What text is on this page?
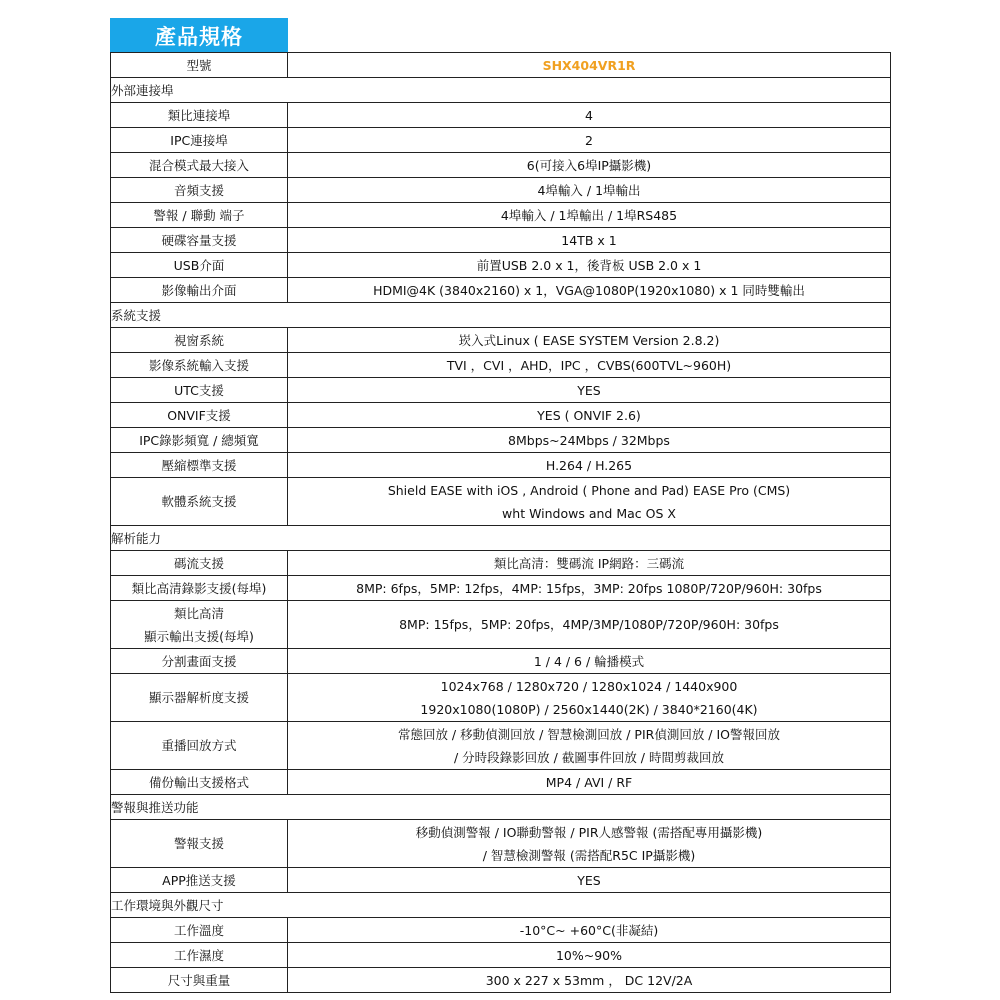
產品規格
型號	SHX404VR1R
外部連接埠	

類比連接埠	4

IPC連接埠	2

混合模式最大接入	6(可接入6埠IP攝影機)

音頻支援	4埠輸入 / 1埠輸出

警報 / 聯動 端子	4埠輸入 / 1埠輸出 / 1埠RS485

硬碟容量支援	14TB x 1

USB介面	前置USB 2.0 x 1，後背板 USB 2.0 x 1

影像輸出介面	HDMI@4K (3840x2160) x 1，VGA@1080P(1920x1080) x 1 同時雙輸出

系統支援	

視窗系統	崁入式Linux ( EASE SYSTEM Version 2.8.2)

影像系統輸入支援	TVI ，CVI ，AHD，IPC ，CVBS(600TVL~960H)

UTC支援	YES

ONVIF支援	YES ( ONVIF 2.6)

IPC錄影頻寬 / 總頻寬	8Mbps~24Mbps / 32Mbps

壓縮標準支援	H.264 / H.265

軟體系統支援	Shield EASE with iOS , Android ( Phone and Pad) EASE Pro (CMS)
wht Windows and Mac OS X

解析能力	

碼流支援	類比高清：雙碼流 IP網路：三碼流

類比高清錄影支援(每埠)	8MP: 6fps，5MP: 12fps，4MP: 15fps，3MP: 20fps 1080P/720P/960H: 30fps

類比高清
顯示輸出支援(每埠)	8MP: 15fps，5MP: 20fps，4MP/3MP/1080P/720P/960H: 30fps

分割畫面支援	1 / 4 / 6 / 輪播模式

顯示器解析度支援	1024x768 / 1280x720 / 1280x1024 / 1440x900
1920x1080(1080P) / 2560x1440(2K) / 3840*2160(4K)

重播回放方式	常態回放 / 移動偵測回放 / 智慧檢測回放 / PIR偵測回放 / IO警報回放
/ 分時段錄影回放 / 截圖事件回放 / 時間剪裁回放

備份輸出支援格式	MP4 / AVI / RF

警報與推送功能	

警報支援	移動偵測警報 / IO聯動警報 / PIR人感警報 (需搭配專用攝影機)
/ 智慧檢測警報 (需搭配R5C IP攝影機)

APP推送支援	YES

工作環境與外觀尺寸	

工作溫度	-10°C~ +60°C(非凝結)

工作濕度	10%~90%

尺寸與重量	300 x 227 x 53mm ， DC 12V/2A
